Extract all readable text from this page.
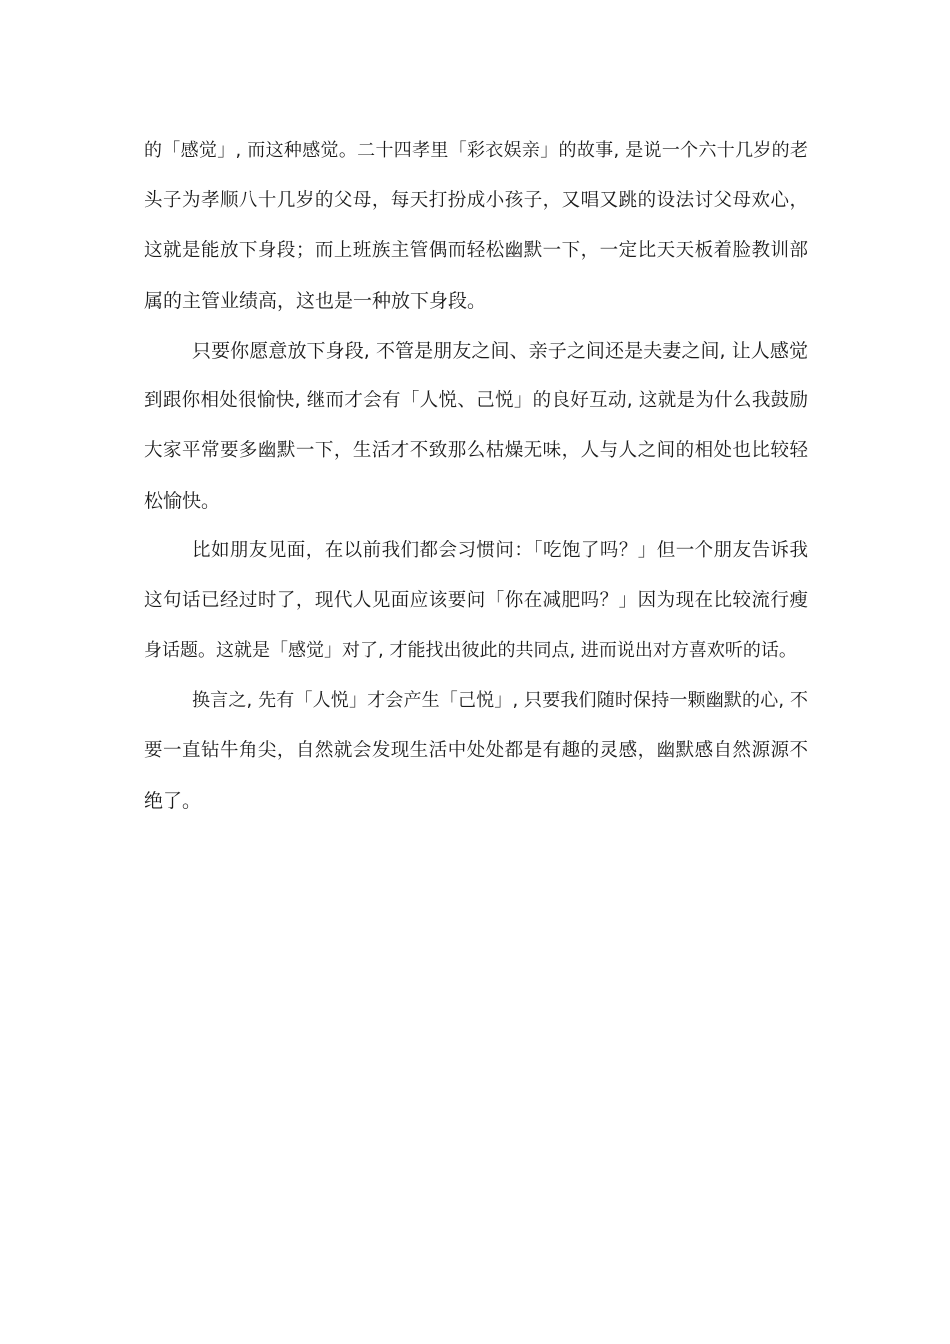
的「感觉」, 而这种感觉。二十四孝里「彩衣娱亲」的故事, 是说一个六十几岁的老
头子为孝顺八十几岁的父母，每天打扮成小孩子，又唱又跳的设法讨父母欢心，
这就是能放下身段；而上班族主管偶而轻松幽默一下，一定比天天板着脸教训部
属的主管业绩高，这也是一种放下身段。
只要你愿意放下身段, 不管是朋友之间、亲子之间还是夫妻之间, 让人感觉
到跟你相处很愉快, 继而才会有「人悦、己悦」的良好互动, 这就是为什么我鼓励
大家平常要多幽默一下，生活才不致那么枯燥无味，人与人之间的相处也比较轻
松愉快。
比如朋友见面，在以前我们都会习惯问：「吃饱了吗？」但一个朋友告诉我
这句话已经过时了，现代人见面应该要问「你在减肥吗？」因为现在比较流行瘦
身话题。这就是「感觉」对了, 才能找出彼此的共同点, 进而说出对方喜欢听的话。
换言之, 先有「人悦」才会产生「己悦」, 只要我们随时保持一颗幽默的心, 不
要一直钻牛角尖，自然就会发现生活中处处都是有趣的灵感，幽默感自然源源不
绝了。
